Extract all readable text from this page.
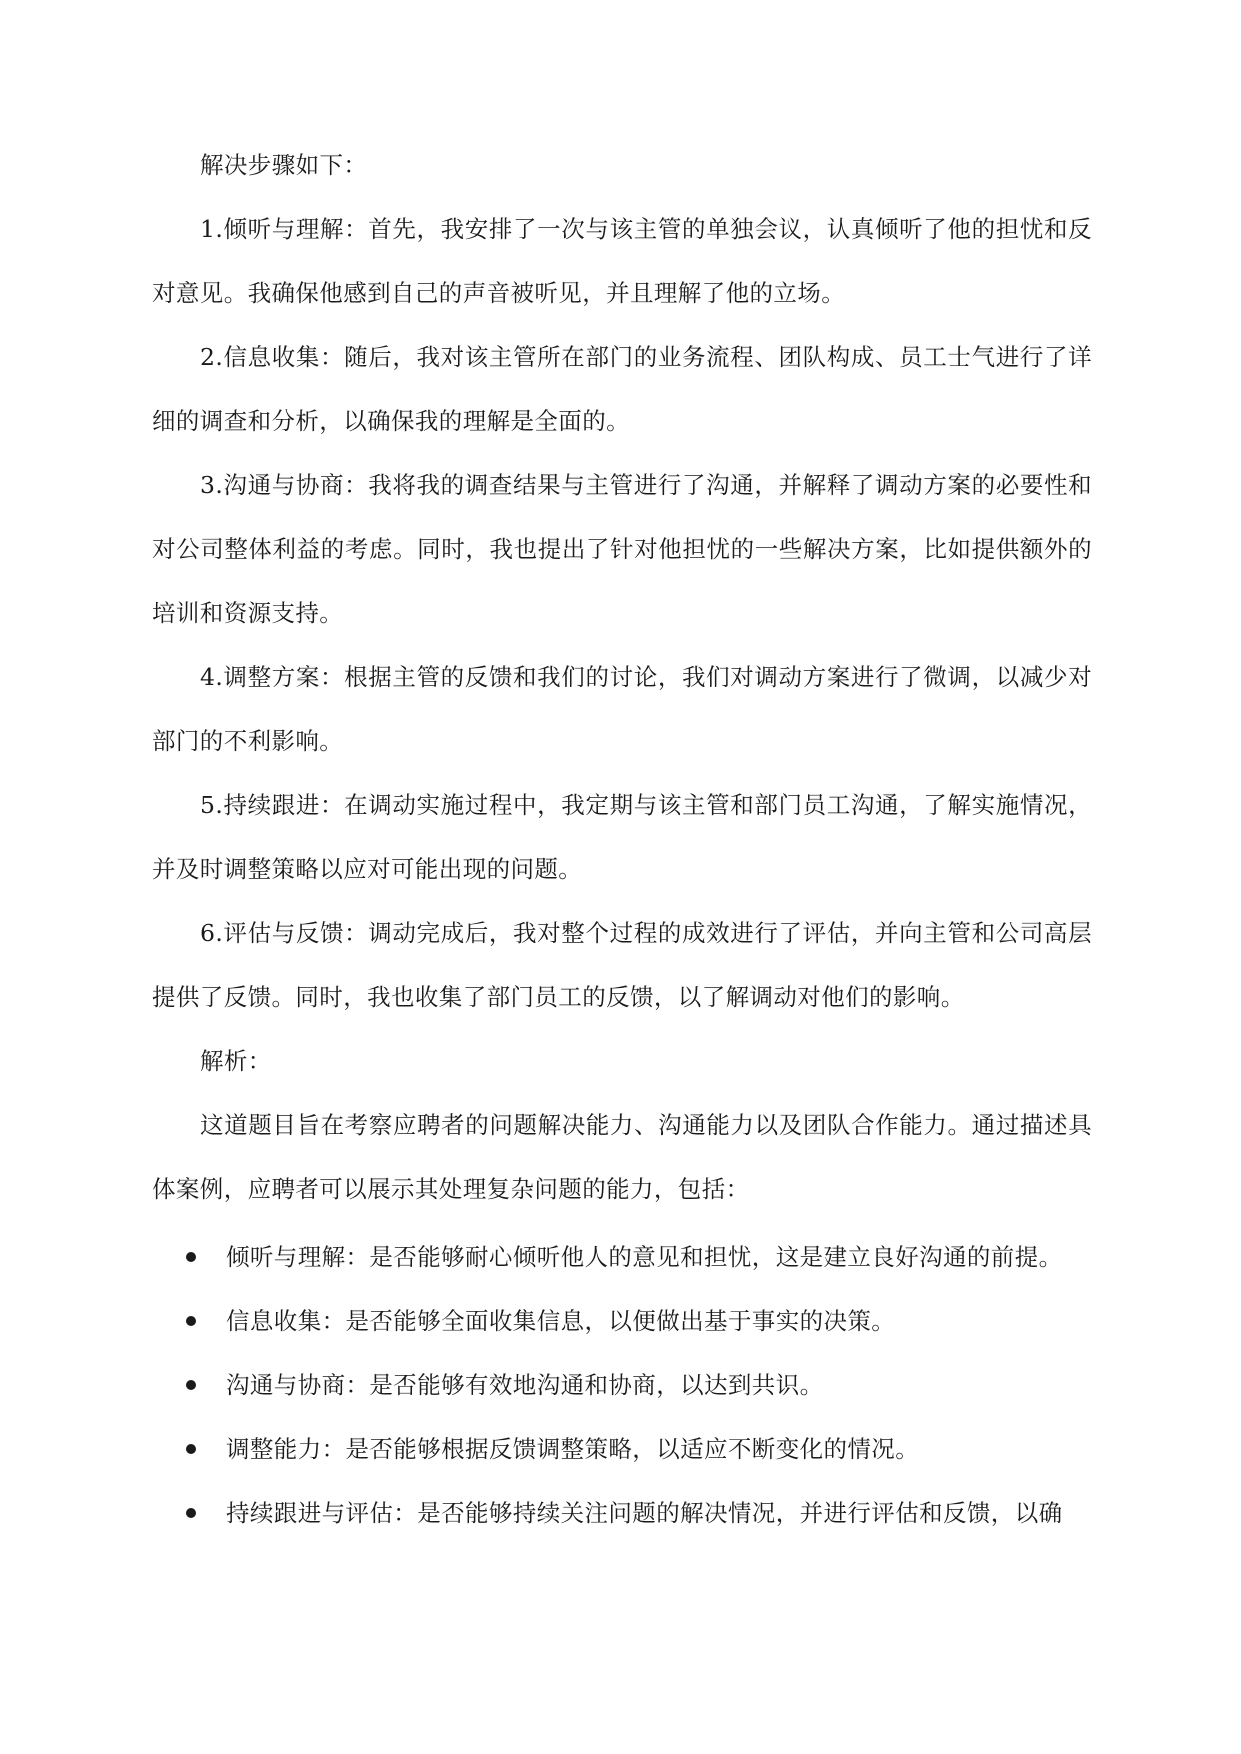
解决步骤如下：

1.倾听与理解：首先，我安排了一次与该主管的单独会议，认真倾听了他的担忧和反对意见。我确保他感到自己的声音被听见，并且理解了他的立场。

2.信息收集：随后，我对该主管所在部门的业务流程、团队构成、员工士气进行了详细的调查和分析，以确保我的理解是全面的。

3.沟通与协商：我将我的调查结果与主管进行了沟通，并解释了调动方案的必要性和对公司整体利益的考虑。同时，我也提出了针对他担忧的一些解决方案，比如提供额外的培训和资源支持。

4.调整方案：根据主管的反馈和我们的讨论，我们对调动方案进行了微调，以减少对部门的不利影响。

5.持续跟进：在调动实施过程中，我定期与该主管和部门员工沟通，了解实施情况，并及时调整策略以应对可能出现的问题。

6.评估与反馈：调动完成后，我对整个过程的成效进行了评估，并向主管和公司高层提供了反馈。同时，我也收集了部门员工的反馈，以了解调动对他们的影响。

解析：

这道题目旨在考察应聘者的问题解决能力、沟通能力以及团队合作能力。通过描述具体案例，应聘者可以展示其处理复杂问题的能力，包括：

倾听与理解：是否能够耐心倾听他人的意见和担忧，这是建立良好沟通的前提。
信息收集：是否能够全面收集信息，以便做出基于事实的决策。
沟通与协商：是否能够有效地沟通和协商，以达到共识。
调整能力：是否能够根据反馈调整策略，以适应不断变化的情况。
持续跟进与评估：是否能够持续关注问题的解决情况，并进行评估和反馈，以确
